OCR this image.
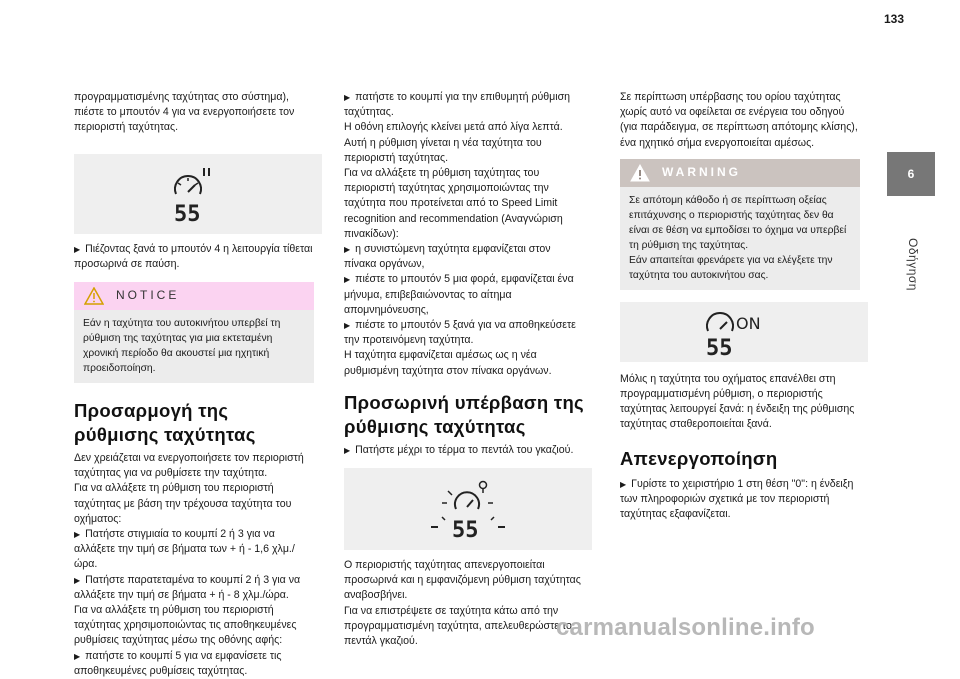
133

προγραμματισμένης ταχύτητας στο σύστημα), πιέστε το μπουτόν 4 για να ενεργοποιήσετε τον περιοριστή ταχύτητας.

55

▶ Πιέζοντας ξανά το μπουτόν 4 η λειτουργία τίθεται προσωρινά σε παύση.

NOTICE
Εάν η ταχύτητα του αυτοκινήτου υπερβεί τη ρύθμιση της ταχύτητας για μια εκτεταμένη χρονική περίοδο θα ακουστεί μια ηχητική προειδοποίηση.
Προσαρμογή της ρύθμισης ταχύτητας

Δεν χρειάζεται να ενεργοποιήσετε τον περιοριστή ταχύτητας για να ρυθμίσετε την ταχύτητα.

Για να αλλάξετε τη ρύθμιση του περιοριστή ταχύτητας με βάση την τρέχουσα ταχύτητα του οχήματος:

▶ Πατήστε στιγμιαία το κουμπί 2 ή 3 για να αλλάξετε την τιμή σε βήματα των + ή - 1,6 χλμ./ώρα.

▶ Πατήστε παρατεταμένα το κουμπί 2 ή 3 για να αλλάξετε την τιμή σε βήματα + ή - 8 χλμ./ώρα.

Για να αλλάξετε τη ρύθμιση του περιοριστή ταχύτητας χρησιμοποιώντας τις αποθηκευμένες ρυθμίσεις ταχύτητας μέσω της οθόνης αφής:

▶ πατήστε το κουμπί 5 για να εμφανίσετε τις αποθηκευμένες ρυθμίσεις ταχύτητας.

▶ πατήστε το κουμπί για την επιθυμητή ρύθμιση ταχύτητας.

Η οθόνη επιλογής κλείνει μετά από λίγα λεπτά.

Αυτή η ρύθμιση γίνεται η νέα ταχύτητα του περιοριστή ταχύτητας.

Για να αλλάξετε τη ρύθμιση ταχύτητας του περιοριστή ταχύτητας χρησιμοποιώντας την ταχύτητα που προτείνεται από το Speed Limit recognition and recommendation (Αναγνώριση πινακίδων):

▶ η συνιστώμενη ταχύτητα εμφανίζεται στον πίνακα οργάνων,

▶ πιέστε το μπουτόν 5 μια φορά, εμφανίζεται ένα μήνυμα, επιβεβαιώνοντας το αίτημα απομνημόνευσης,

▶ πιέστε το μπουτόν 5 ξανά για να αποθηκεύσετε την προτεινόμενη ταχύτητα.

Η ταχύτητα εμφανίζεται αμέσως ως η νέα ρυθμισμένη ταχύτητα στον πίνακα οργάνων.

Προσωρινή υπέρβαση της ρύθμισης ταχύτητας

▶ Πατήστε μέχρι το τέρμα το πεντάλ του γκαζιού.

55

Ο περιοριστής ταχύτητας απενεργοποιείται προσωρινά και η εμφανιζόμενη ρύθμιση ταχύτητας αναβοσβήνει.

Για να επιστρέψετε σε ταχύτητα κάτω από την προγραμματισμένη ταχύτητα, απελευθερώστε το πεντάλ γκαζιού.

Σε περίπτωση υπέρβασης του ορίου ταχύτητας χωρίς αυτό να οφείλεται σε ενέργεια του οδηγού (για παράδειγμα, σε περίπτωση απότομης κλίσης), ένα ηχητικό σήμα ενεργοποιείται αμέσως.

WARNING

Σε απότομη κάθοδο ή σε περίπτωση οξείας επιτάχυνσης ο περιοριστής ταχύτητας δεν θα είναι σε θέση να εμποδίσει το όχημα να υπερβεί τη ρύθμιση της ταχύτητας.

Εάν απαιτείται φρενάρετε για να ελέγξετε την ταχύτητα του αυτοκινήτου σας.

ON
55

Μόλις η ταχύτητα του οχήματος επανέλθει στη προγραμματισμένη ρύθμιση, ο περιοριστής ταχύτητας λειτουργεί ξανά: η ένδειξη της ρύθμισης ταχύτητας σταθεροποιείται ξανά.

Απενεργοποίηση

▶ Γυρίστε το χειριστήριο 1 στη θέση "0": η ένδειξη των πληροφοριών σχετικά με τον περιοριστή ταχύτητας εξαφανίζεται.

6
Οδήγηση
carmanualsonline.info
